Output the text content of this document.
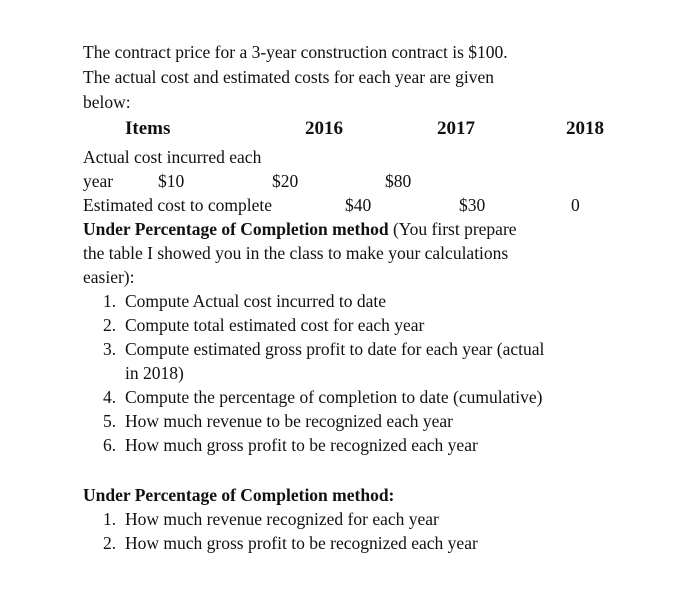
The contract price for a 3-year construction contract is $100.
The actual cost and estimated costs for each year are given
below:
Items	2016	2017	2018
Actual cost incurred each
year	$10	$20	$80
Estimated cost to complete	$40	$30	0
Under Percentage of Completion method (You first prepare
the table I showed you in the class to make your calculations
easier):
1. Compute Actual cost incurred to date
2. Compute total estimated cost for each year
3. Compute estimated gross profit to date for each year (actual
in 2018)
4. Compute the percentage of completion to date (cumulative)
5. How much revenue to be recognized each year
6. How much gross profit to be recognized each year
Under Percentage of Completion method:
1. How much revenue recognized for each year
2. How much gross profit to be recognized each year
